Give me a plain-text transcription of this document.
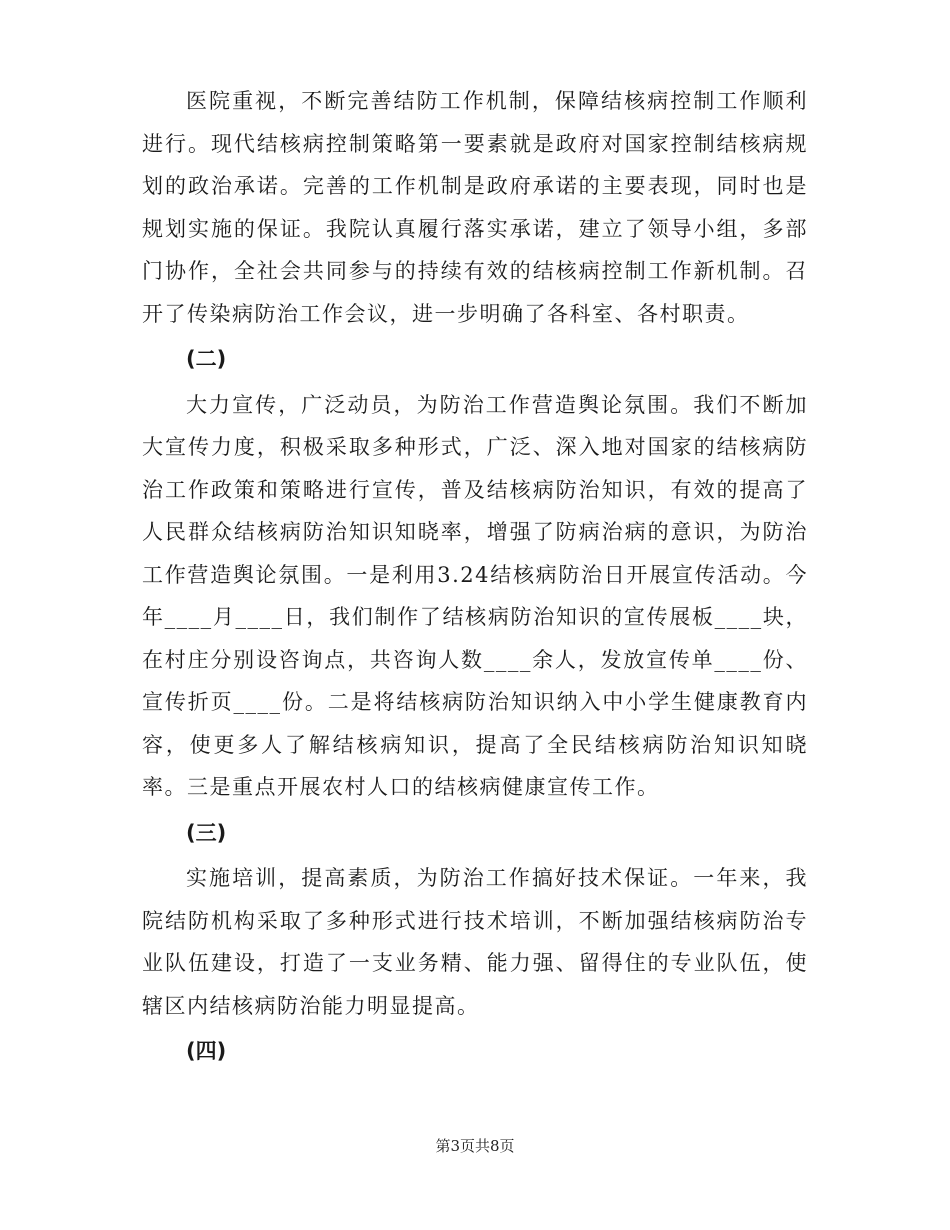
医院重视，不断完善结防工作机制，保障结核病控制工作顺利进行。现代结核病控制策略第一要素就是政府对国家控制结核病规划的政治承诺。完善的工作机制是政府承诺的主要表现，同时也是规划实施的保证。我院认真履行落实承诺，建立了领导小组，多部门协作，全社会共同参与的持续有效的结核病控制工作新机制。召开了传染病防治工作会议，进一步明确了各科室、各村职责。

(二)

大力宣传，广泛动员，为防治工作营造舆论氛围。我们不断加大宣传力度，积极采取多种形式，广泛、深入地对国家的结核病防治工作政策和策略进行宣传，普及结核病防治知识，有效的提高了人民群众结核病防治知识知晓率，增强了防病治病的意识，为防治工作营造舆论氛围。一是利用3.24结核病防治日开展宣传活动。今年____月____日，我们制作了结核病防治知识的宣传展板____块，在村庄分别设咨询点，共咨询人数____余人，发放宣传单____份、宣传折页____份。二是将结核病防治知识纳入中小学生健康教育内容，使更多人了解结核病知识，提高了全民结核病防治知识知晓率。三是重点开展农村人口的结核病健康宣传工作。

(三)

实施培训，提高素质，为防治工作搞好技术保证。一年来，我院结防机构采取了多种形式进行技术培训，不断加强结核病防治专业队伍建设，打造了一支业务精、能力强、留得住的专业队伍，使辖区内结核病防治能力明显提高。

(四)

第3页共8页
